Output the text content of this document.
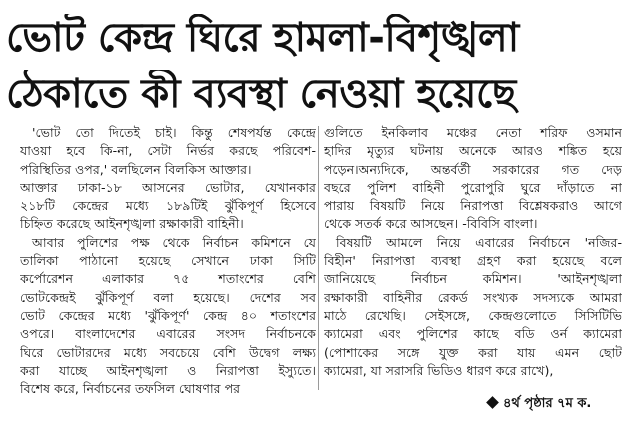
ভোট কেন্দ্র ঘিরে হামলা-বিশৃঙ্খলা
ঠেকাতে কী ব্যবস্থা নেওয়া হয়েছে
'ভোট তো দিতেই চাই। কিন্তু শেষপর্যন্ত কেন্দ্রে
যাওয়া হবে কি-না, সেটা নির্ভর করছে পরিবেশ-
পরিস্থিতির ওপর,' বলছিলেন বিলকিস আক্তার।
আক্তার ঢাকা-১৮ আসনের ভোটার, যেখানকার
২১৮টি কেন্দ্রের মধ্যে ১৮৯টিই ঝুঁকিপূর্ণ হিসেবে
চিহ্নিত করেছে আইনশৃঙ্খলা রক্ষাকারী বাহিনী।
আবার পুলিশের পক্ষ থেকে নির্বাচন কমিশনে যে
তালিকা পাঠানো হয়েছে সেখানে ঢাকা সিটি
কর্পোরেশন এলাকার ৭৫ শতাংশের বেশি
ভোটকেন্দ্রই ঝুঁকিপূর্ণ বলা হয়েছে। দেশের সব
ভোট কেন্দ্রের মধ্যে 'ঝুঁকিপূর্ণ' কেন্দ্র ৪০ শতাংশের
ওপরে। বাংলাদেশের এবারের সংসদ নির্বাচনকে
ঘিরে ভোটারদের মধ্যে সবচেয়ে বেশি উদ্বেগ লক্ষ্য
করা যাচ্ছে আইনশৃঙ্খলা ও নিরাপত্তা ইস্যুতে।
বিশেষ করে, নির্বাচনের তফসিল ঘোষণার পর
গুলিতে ইনকিলাব মঞ্চের নেতা শরিফ ওসমান
হাদির মৃত্যুর ঘটনায় অনেকে আরও শঙ্কিত হয়ে
পড়েন।অন্যদিকে, অন্তর্বর্তী সরকারের গত দেড়
বছরে পুলিশ বাহিনী পুরোপুরি ঘুরে দাঁড়াতে না
পারায় বিষয়টি নিয়ে নিরাপত্তা বিশ্লেষকরাও আগে
থেকে সতর্ক করে আসছেন। -বিবিসি বাংলা।
বিষয়টি আমলে নিয়ে এবারের নির্বাচনে 'নজির-
বিহীন' নিরাপত্তা ব্যবস্থা গ্রহণ করা হয়েছে বলে
জানিয়েছে নির্বাচন কমিশন। 'আইনশৃঙ্খলা
রক্ষাকারী বাহিনীর রেকর্ড সংখ্যক সদস্যকে আমরা
মাঠে রেখেছি। সেইসঙ্গে, কেন্দ্রগুলোতে সিসিটিভি
ক্যামেরা এবং পুলিশের কাছে বডি ওর্ন ক্যামেরা
(পোশাকের সঙ্গে যুক্ত করা যায় এমন ছোট
ক্যামেরা, যা সরাসরি ভিডিও ধারণ করে রাখে),
৪র্থ পৃষ্ঠার ৭ম ক.
